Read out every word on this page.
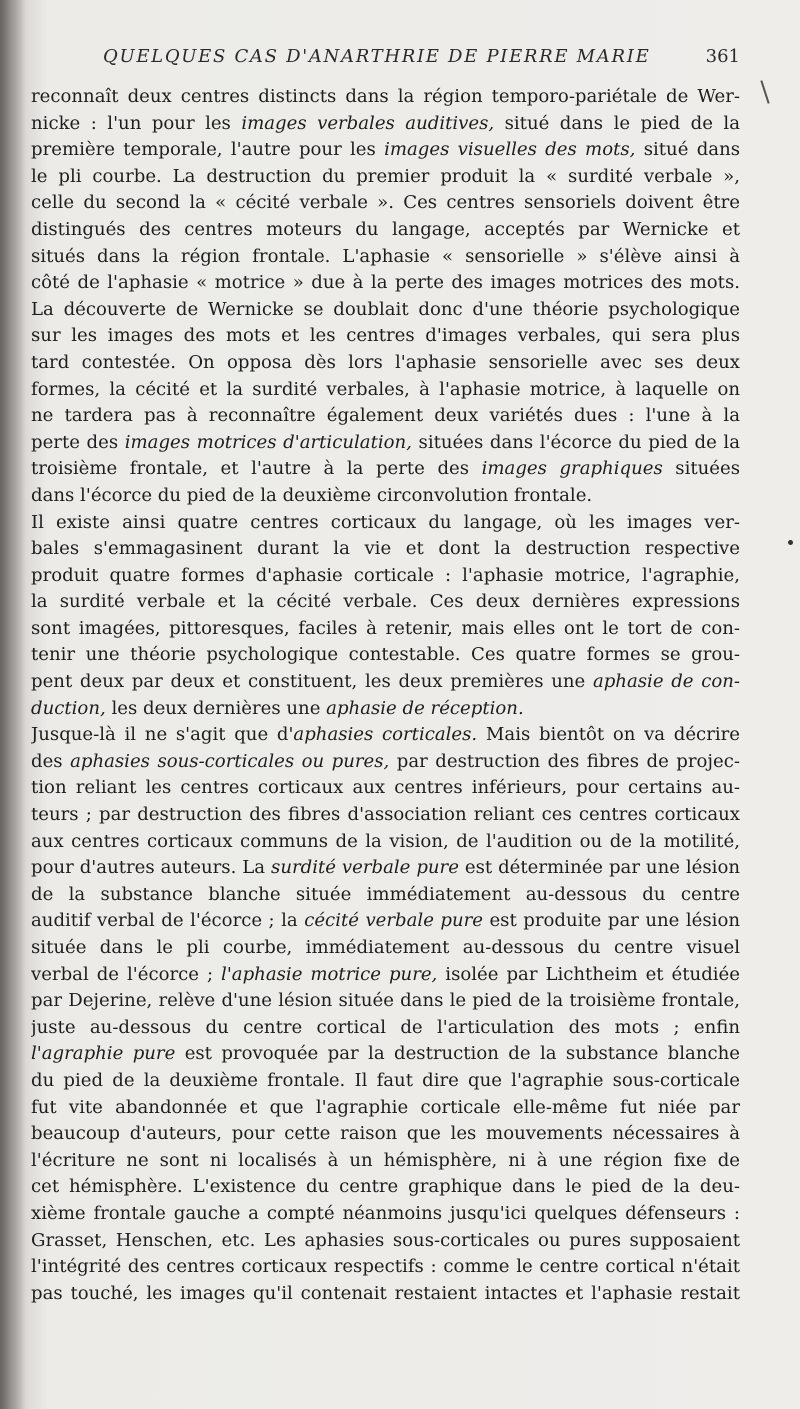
QUELQUES CAS D'ANARTHRIE DE PIERRE MARIE	361
reconnaît deux centres distincts dans la région temporo-pariétale de Wer-
nicke : l'un pour les images verbales auditives, situé dans le pied de la
première temporale, l'autre pour les images visuelles des mots, situé dans
le pli courbe. La destruction du premier produit la « surdité verbale »,
celle du second la « cécité verbale ». Ces centres sensoriels doivent être
distingués des centres moteurs du langage, acceptés par Wernicke et
situés dans la région frontale. L'aphasie « sensorielle » s'élève ainsi à
côté de l'aphasie « motrice » due à la perte des images motrices des mots.
La découverte de Wernicke se doublait donc d'une théorie psychologique
sur les images des mots et les centres d'images verbales, qui sera plus
tard contestée. On opposa dès lors l'aphasie sensorielle avec ses deux
formes, la cécité et la surdité verbales, à l'aphasie motrice, à laquelle on
ne tardera pas à reconnaître également deux variétés dues : l'une à la
perte des images motrices d'articulation, situées dans l'écorce du pied de la
troisième frontale, et l'autre à la perte des images graphiques situées
dans l'écorce du pied de la deuxième circonvolution frontale.
Il existe ainsi quatre centres corticaux du langage, où les images ver-
bales s'emmagasinent durant la vie et dont la destruction respective
produit quatre formes d'aphasie corticale : l'aphasie motrice, l'agraphie,
la surdité verbale et la cécité verbale. Ces deux dernières expressions
sont imagées, pittoresques, faciles à retenir, mais elles ont le tort de con-
tenir une théorie psychologique contestable. Ces quatre formes se grou-
pent deux par deux et constituent, les deux premières une aphasie de con-
duction, les deux dernières une aphasie de réception.
Jusque-là il ne s'agit que d'aphasies corticales. Mais bientôt on va décrire
des aphasies sous-corticales ou pures, par destruction des fibres de projec-
tion reliant les centres corticaux aux centres inférieurs, pour certains au-
teurs ; par destruction des fibres d'association reliant ces centres corticaux
aux centres corticaux communs de la vision, de l'audition ou de la motilité,
pour d'autres auteurs. La surdité verbale pure est déterminée par une lésion
de la substance blanche située immédiatement au-dessous du centre
auditif verbal de l'écorce ; la cécité verbale pure est produite par une lésion
située dans le pli courbe, immédiatement au-dessous du centre visuel
verbal de l'écorce ; l'aphasie motrice pure, isolée par Lichtheim et étudiée
par Dejerine, relève d'une lésion située dans le pied de la troisième frontale,
juste au-dessous du centre cortical de l'articulation des mots ; enfin
l'agraphie pure est provoquée par la destruction de la substance blanche
du pied de la deuxième frontale. Il faut dire que l'agraphie sous-corticale
fut vite abandonnée et que l'agraphie corticale elle-même fut niée par
beaucoup d'auteurs, pour cette raison que les mouvements nécessaires à
l'écriture ne sont ni localisés à un hémisphère, ni à une région fixe de
cet hémisphère. L'existence du centre graphique dans le pied de la deu-
xième frontale gauche a compté néanmoins jusqu'ici quelques défenseurs :
Grasset, Henschen, etc. Les aphasies sous-corticales ou pures supposaient
l'intégrité des centres corticaux respectifs : comme le centre cortical n'était
pas touché, les images qu'il contenait restaient intactes et l'aphasie restait
